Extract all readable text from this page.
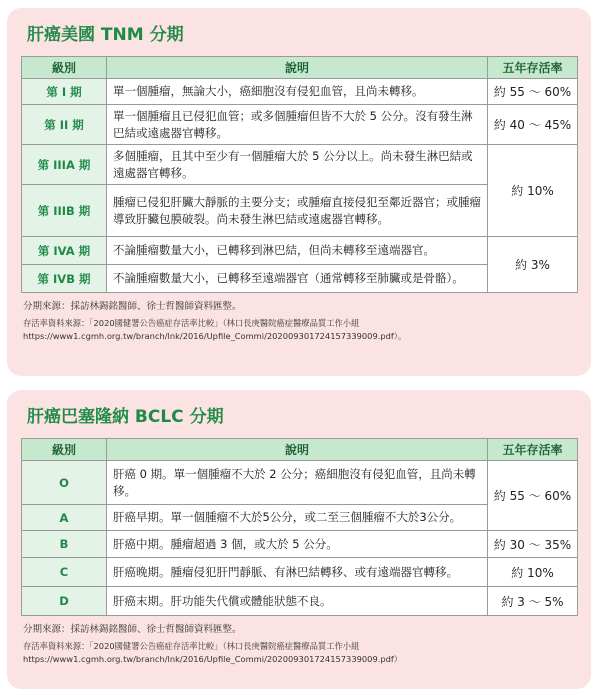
肝癌美國 TNM 分期
級別	說明	五年存活率
第 I 期	單一個腫瘤，無論大小，癌細胞沒有侵犯血管，且尚未轉移。	約 55 ～ 60%
第 II 期	單一個腫瘤且已侵犯血管；或多個腫瘤但皆不大於 5 公分。沒有發生淋巴結或遠處器官轉移。	約 40 ～ 45%
第 IIIA 期	多個腫瘤，且其中至少有一個腫瘤大於 5 公分以上。尚未發生淋巴結或遠處器官轉移。	約 10%
第 IIIB 期	腫瘤已侵犯肝臟大靜脈的主要分支；或腫瘤直接侵犯至鄰近器官；或腫瘤導致肝臟包膜破裂。尚未發生淋巴結或遠處器官轉移。	
第 IVA 期	不論腫瘤數量大小，已轉移到淋巴結，但尚未轉移至遠端器官。	約 3%
第 IVB 期	不論腫瘤數量大小，已轉移至遠端器官（通常轉移至肺臟或是骨骼）。	
分期來源：採訪林錫銘醫師、徐士哲醫師資料匯整。
存活率資料來源：「2020國健署公告癌症存活率比較」（林口長庚醫院癌症醫療品質工作小組https://www1.cgmh.org.tw/branch/lnk/2016/Upfile_Commi/202009301724157339009.pdf）。
肝癌巴塞隆納 BCLC 分期
級別	說明	五年存活率
O	肝癌 0 期。單一個腫瘤不大於 2 公分；癌細胞沒有侵犯血管，且尚未轉移。	約 55 ～ 60%
A	肝癌早期。單一個腫瘤不大於5公分，或二至三個腫瘤不大於3公分。	
B	肝癌中期。腫瘤超過 3 個，或大於 5 公分。	約 30 ～ 35%
C	肝癌晚期。腫瘤侵犯肝門靜脈、有淋巴結轉移、或有遠端器官轉移。	約 10%
D	肝癌末期。肝功能失代償或體能狀態不良。	約 3 ～ 5%
分期來源：採訪林錫銘醫師、徐士哲醫師資料匯整。
存活率資料來源：「2020國健署公告癌症存活率比較」（林口長庚醫院癌症醫療品質工作小組https://www1.cgmh.org.tw/branch/lnk/2016/Upfile_Commi/202009301724157339009.pdf）
